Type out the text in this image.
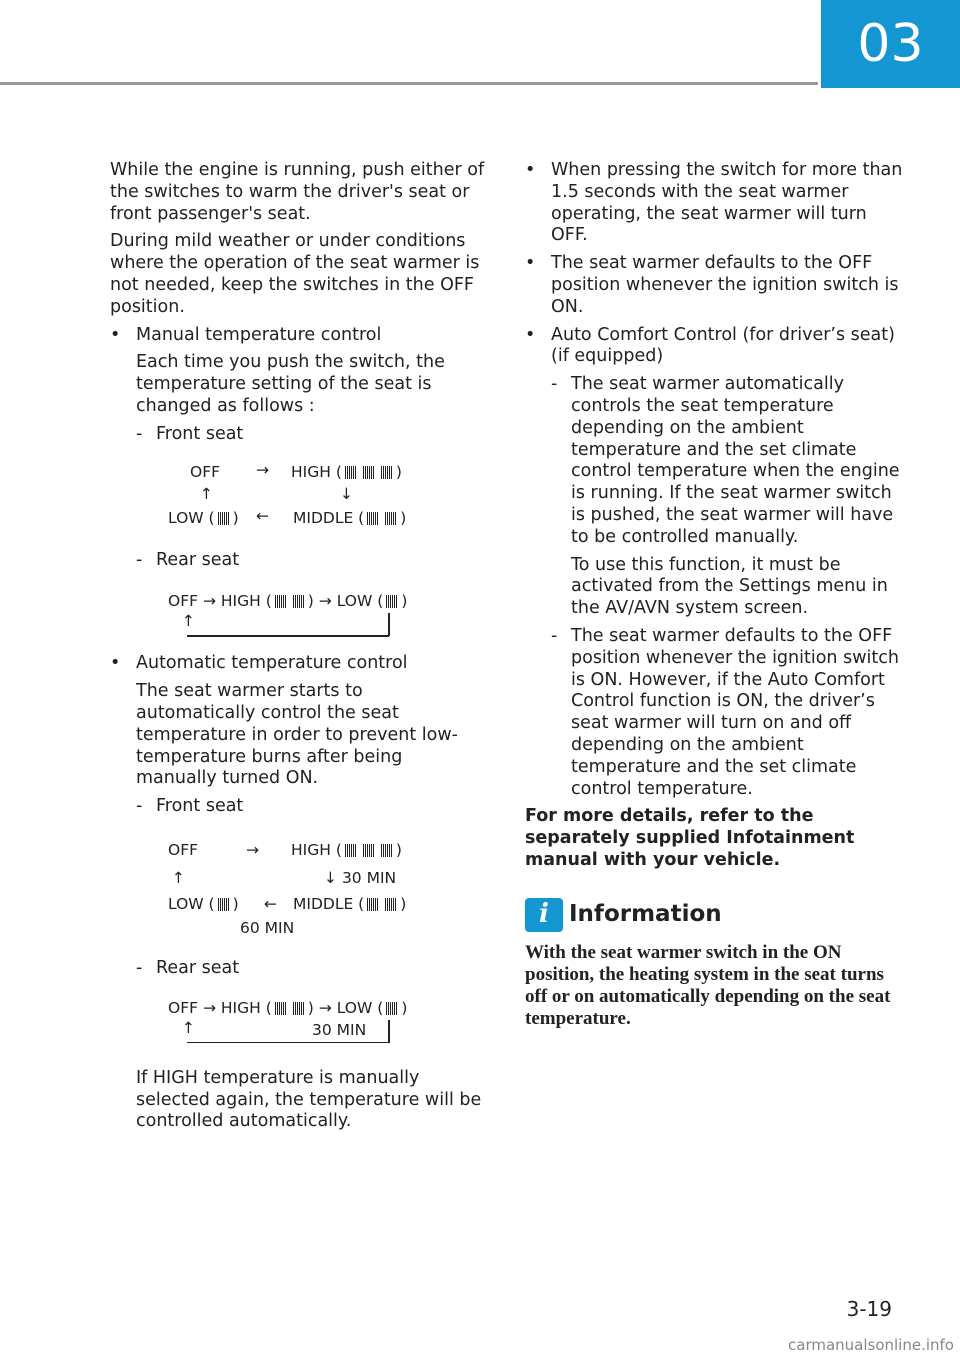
03

While the engine is running, push either of the switches to warm the driver's seat or front passenger's seat.

During mild weather or under conditions where the operation of the seat warmer is not needed, keep the switches in the OFF position.

• Manual temperature control

Each time you push the switch, the temperature setting of the seat is changed as follows :

- Front seat
OFF → HIGH (	)
↑	↓
LOW ( ) ← MIDDLE ( )
- Rear seat
OFF → HIGH ( ) → LOW ( )
↑
• Automatic temperature control

The seat warmer starts to automatically control the seat temperature in order to prevent low-temperature burns after being manually turned ON.

- Front seat
OFF	→ HIGH (	)
↑	↓ 30 MIN
LOW ( ) ← MIDDLE ( )
60 MIN
- Rear seat
OFF → HIGH ( ) → LOW ( )
↑	30 MIN

If HIGH temperature is manually selected again, the temperature will be controlled automatically.

• When pressing the switch for more than 1.5 seconds with the seat warmer operating, the seat warmer will turn OFF.
• The seat warmer defaults to the OFF position whenever the ignition switch is ON.
• Auto Comfort Control (for driver’s seat) (if equipped)
- The seat warmer automatically controls the seat temperature depending on the ambient temperature and the set climate control temperature when the engine is running. If the seat warmer switch is pushed, the seat warmer will have to be controlled manually.

To use this function, it must be activated from the Settings menu in the AV/AVN system screen.

- The seat warmer defaults to the OFF position whenever the ignition switch is ON. However, if the Auto Comfort Control function is ON, the driver’s seat warmer will turn on and off depending on the ambient temperature and the set climate control temperature.

For more details, refer to the separately supplied Infotainment manual with your vehicle.

i Information

With the seat warmer switch in the ON position, the heating system in the seat turns off or on automatically depending on the seat temperature.

3-19
carmanualsonline.info
